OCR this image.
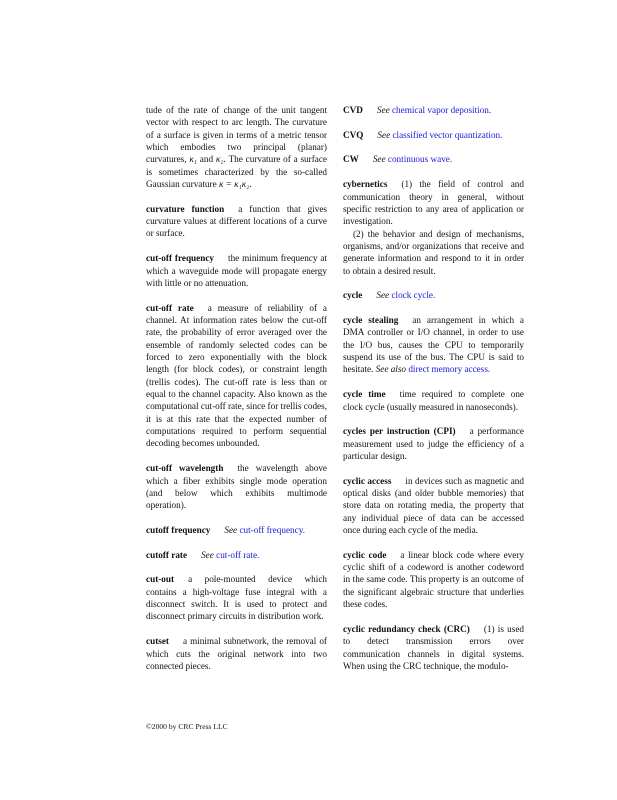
tude of the rate of change of the unit tangent vector with respect to arc length. The curvature of a surface is given in terms of a metric tensor which embodies two principal (planar) curvatures, κ₁ and κ₂. The curvature of a surface is sometimes characterized by the so-called Gaussian curvature κ = κ₁κ₂.

curvature function a function that gives curvature values at different locations of a curve or surface.

cut-off frequency the minimum frequency at which a waveguide mode will propagate energy with little or no attenuation.

cut-off rate a measure of reliability of a channel. At information rates below the cut-off rate, the probability of error averaged over the ensemble of randomly selected codes can be forced to zero exponentially with the block length (for block codes), or constraint length (trellis codes). The cut-off rate is less than or equal to the channel capacity. Also known as the computational cut-off rate, since for trellis codes, it is at this rate that the expected number of computations required to perform sequential decoding becomes unbounded.

cut-off wavelength the wavelength above which a fiber exhibits single mode operation (and below which exhibits multimode operation).

cutoff frequency See cut-off frequency.

cutoff rate See cut-off rate.

cut-out a pole-mounted device which contains a high-voltage fuse integral with a disconnect switch. It is used to protect and disconnect primary circuits in distribution work.

cutset a minimal subnetwork, the removal of which cuts the original network into two connected pieces.

CVD See chemical vapor deposition.

CVQ See classified vector quantization.

CW See continuous wave.

cybernetics (1) the field of control and communication theory in general, without specific restriction to any area of application or investigation.

(2) the behavior and design of mechanisms, organisms, and/or organizations that receive and generate information and respond to it in order to obtain a desired result.

cycle See clock cycle.

cycle stealing an arrangement in which a DMA controller or I/O channel, in order to use the I/O bus, causes the CPU to temporarily suspend its use of the bus. The CPU is said to hesitate. See also direct memory access.

cycle time time required to complete one clock cycle (usually measured in nanoseconds).

cycles per instruction (CPI) a performance measurement used to judge the efficiency of a particular design.

cyclic access in devices such as magnetic and optical disks (and older bubble memories) that store data on rotating media, the property that any individual piece of data can be accessed once during each cycle of the media.

cyclic code a linear block code where every cyclic shift of a codeword is another codeword in the same code. This property is an outcome of the significant algebraic structure that underlies these codes.

cyclic redundancy check (CRC) (1) is used to detect transmission errors over communication channels in digital systems. When using the CRC technique, the modulo-

©2000 by CRC Press LLC
